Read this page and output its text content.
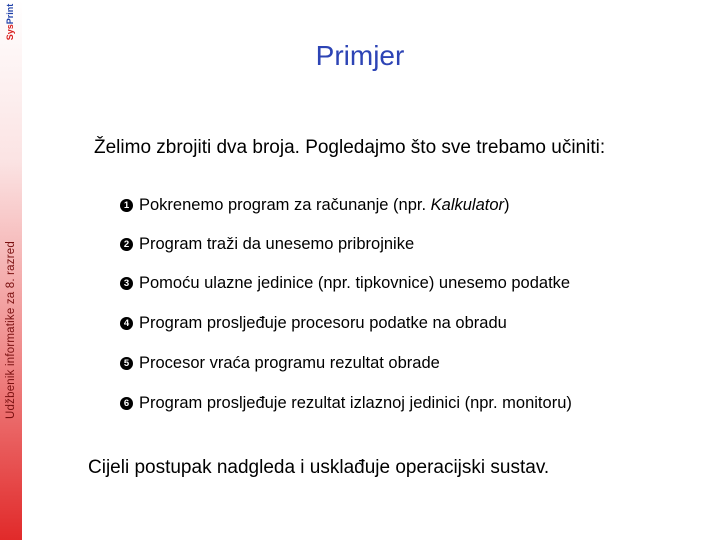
SysPrint
Udžbenik informatike za 8. razred
Primjer
Želimo zbrojiti dva broja. Pogledajmo što sve trebamo učiniti:
1 Pokrenemo program za računanje (npr. Kalkulator)
2 Program traži da unesemo pribrojnike
3 Pomoću ulazne jedinice (npr. tipkovnice) unesemo podatke
4 Program prosljeđuje procesoru podatke na obradu
5 Procesor vraća programu rezultat obrade
6 Program prosljeđuje rezultat izlaznoj jedinici (npr. monitoru)
Cijeli postupak nadgleda i usklađuje operacijski sustav.
